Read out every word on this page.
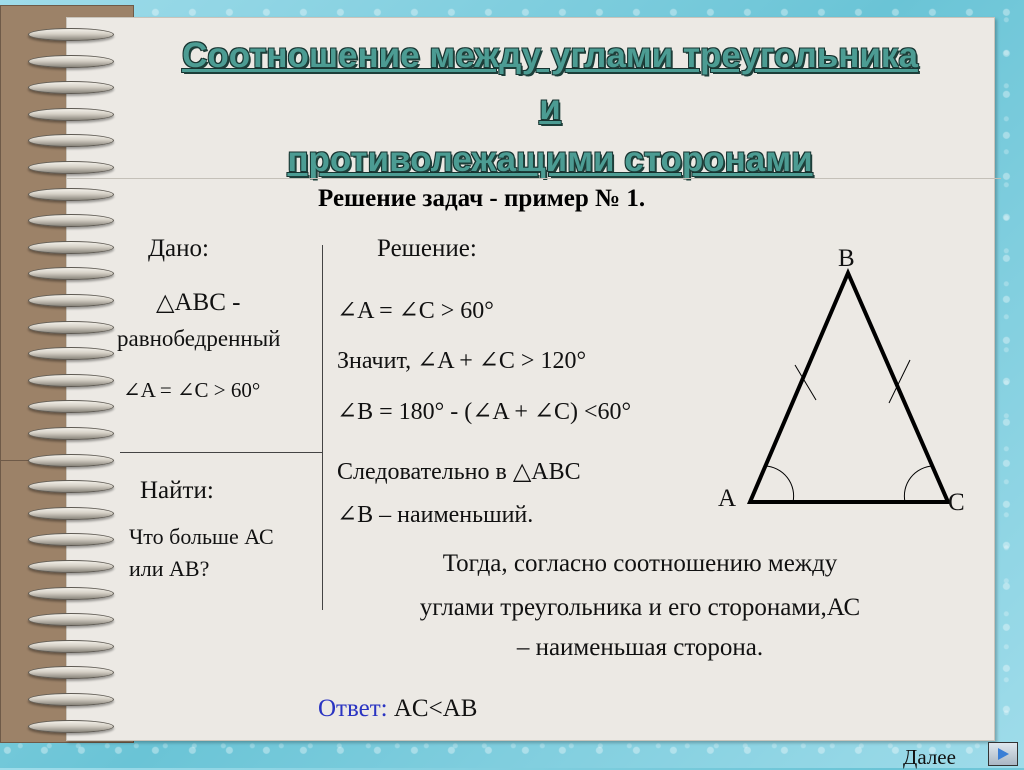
Соотношение между углами треугольника
и
противолежащими сторонами
Решение задач - пример № 1.
Дано:
△ABC -
равнобедренный
∠A = ∠C > 60°
Найти:
Что больше АС
или АВ?
Решение:
∠A = ∠C > 60°
Значит, ∠A + ∠C > 120°
∠B = 180° - (∠A + ∠C) <60°
Следовательно в △ABC
∠B – наименьший.
Тогда, согласно соотношению между
углами треугольника и его сторонами,АС
– наименьшая сторона.
Ответ: AC<AB
B
A	C
Далее
